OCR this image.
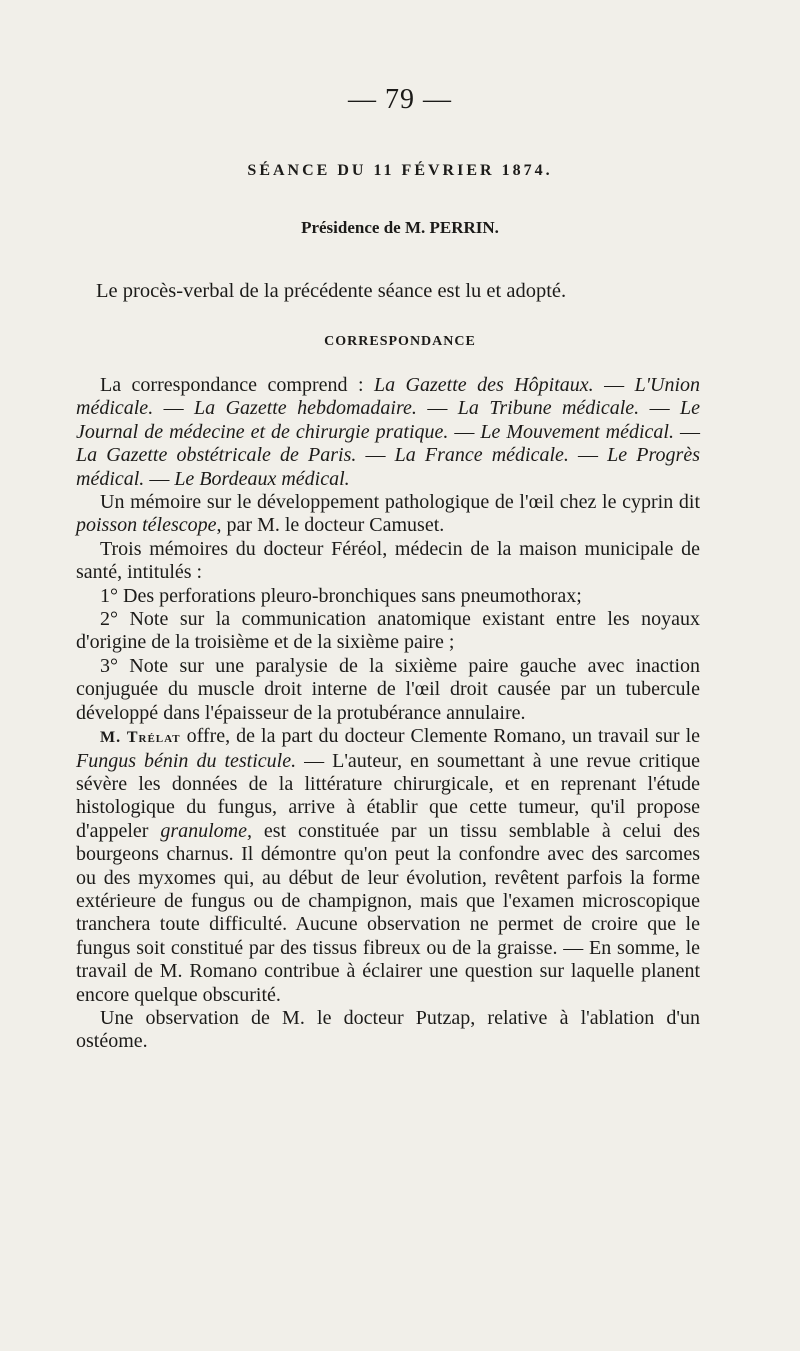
— 79 —
SÉANCE DU 11 FÉVRIER 1874.
Présidence de M. PERRIN.
Le procès-verbal de la précédente séance est lu et adopté.
CORRESPONDANCE

La correspondance comprend : La Gazette des Hôpitaux. — L'Union médicale. — La Gazette hebdomadaire. — La Tribune médicale. — Le Journal de médecine et de chirurgie pratique. — Le Mouvement médical. — La Gazette obstétricale de Paris. — La France médicale. — Le Progrès médical. — Le Bordeaux médical.

Un mémoire sur le développement pathologique de l'œil chez le cyprin dit poisson télescope, par M. le docteur Camuset.

Trois mémoires du docteur Féréol, médecin de la maison municipale de santé, intitulés :

1° Des perforations pleuro-bronchiques sans pneumothorax;

2° Note sur la communication anatomique existant entre les noyaux d'origine de la troisième et de la sixième paire ;

3° Note sur une paralysie de la sixième paire gauche avec inaction conjuguée du muscle droit interne de l'œil droit causée par un tubercule développé dans l'épaisseur de la protubérance annulaire.

M. Trélat offre, de la part du docteur Clemente Romano, un travail sur le Fungus bénin du testicule. — L'auteur, en soumettant à une revue critique sévère les données de la littérature chirurgicale, et en reprenant l'étude histologique du fungus, arrive à établir que cette tumeur, qu'il propose d'appeler granulome, est constituée par un tissu semblable à celui des bourgeons charnus. Il démontre qu'on peut la confondre avec des sarcomes ou des myxomes qui, au début de leur évolution, revêtent parfois la forme extérieure de fungus ou de champignon, mais que l'examen microscopique tranchera toute difficulté. Aucune observation ne permet de croire que le fungus soit constitué par des tissus fibreux ou de la graisse. — En somme, le travail de M. Romano contribue à éclairer une question sur laquelle planent encore quelque obscurité.

Une observation de M. le docteur Putzap, relative à l'ablation d'un ostéome.
